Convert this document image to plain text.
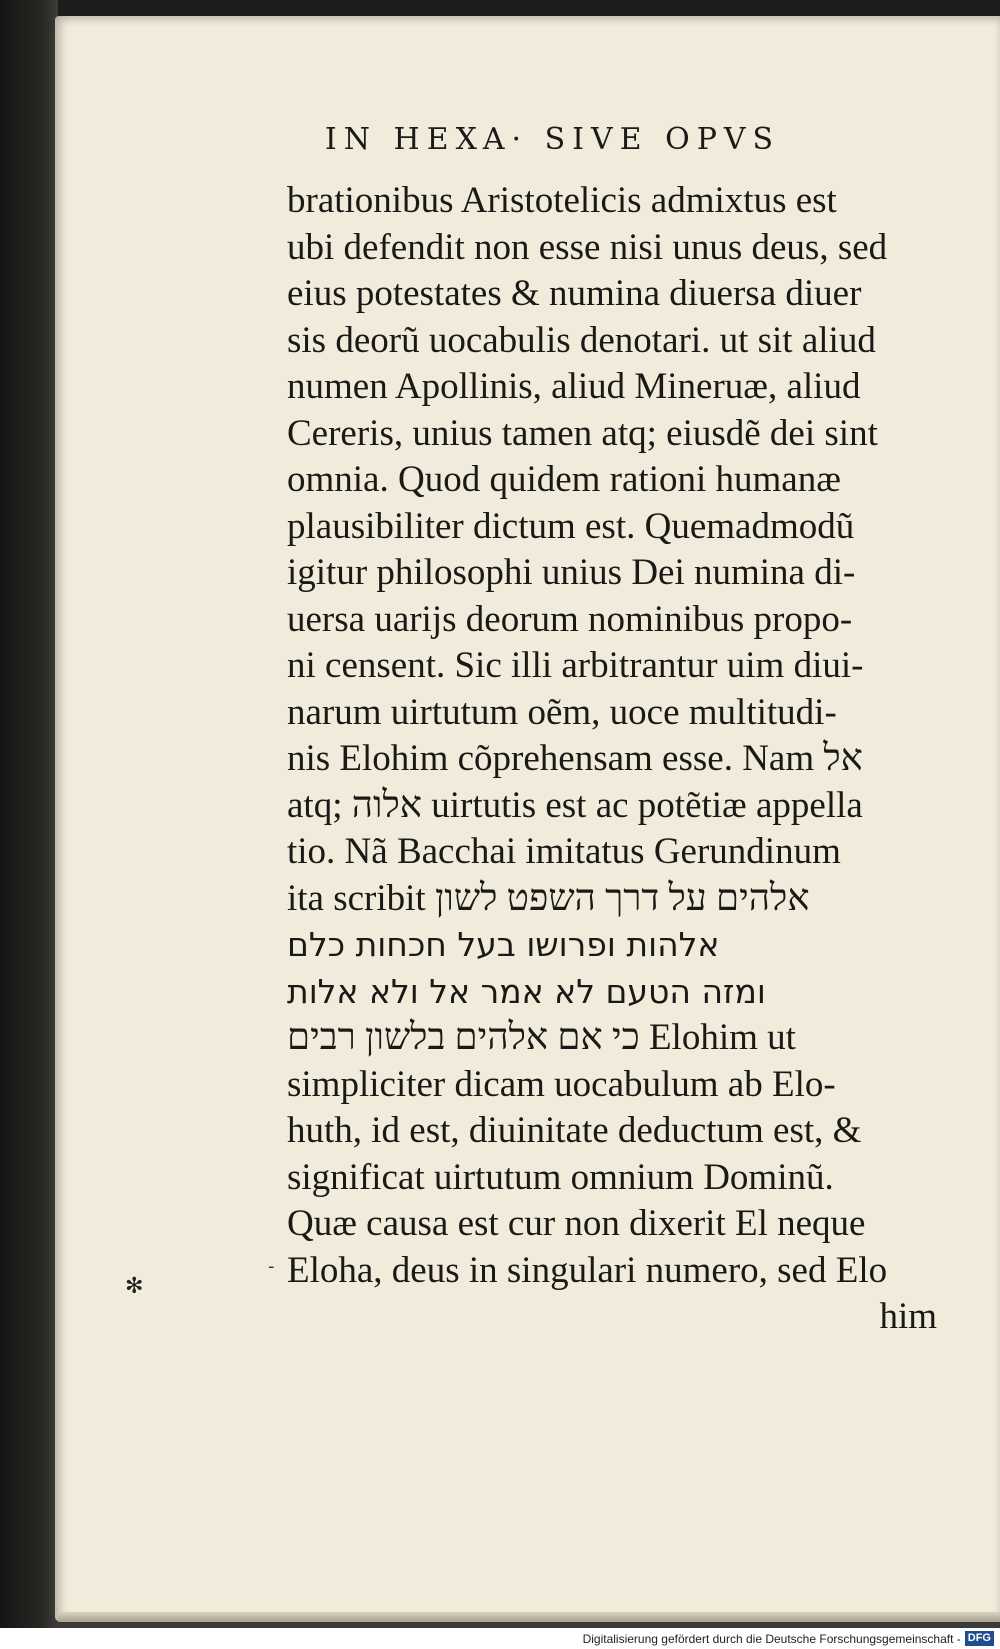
IN HEXA· SIVE OPVS
brationibus Aristotelicis admixtus est
ubi defendit non esse nisi unus deus, sed
eius potestates & numina diuersa diuer
sis deorũ uocabulis denotari. ut sit aliud
numen Apollinis, aliud Mineruæ, aliud
Cereris, unius tamen atq; eiusdẽ dei sint
omnia. Quod quidem rationi humanæ
plausibiliter dictum est. Quemadmodũ
igitur philosophi unius Dei numina di-
uersa uariјs deorum nominibus propo-
ni censent. Sic illi arbitrantur uim diui-
narum uirtutum oẽm, uoce multitudi-
nis Elohim cõprehensam esse. Nam אל
atq; אלוה uirtutis est ac potẽtiæ appella
tio. Nã Bacchai imitatus Gerundinum
ita scribit אלהים על דרך השפט לשון
אלהות ופרושו בעל חכחות כלם
ומזה הטעם לא אמר אל ולא אלות
כי אם אלהים בלשון רבים Elohim ut
simpliciter dicam uocabulum ab Elo-
huth, id est, diuinitate deductum est, &
significat uirtutum omnium Dominũ.
Quæ causa est cur non dixerit El neque
Eloha, deus in singulari numero, sed Elo
him
-
✻
Digitalisierung gefördert durch die Deutsche Forschungsgemeinschaft - DFG
